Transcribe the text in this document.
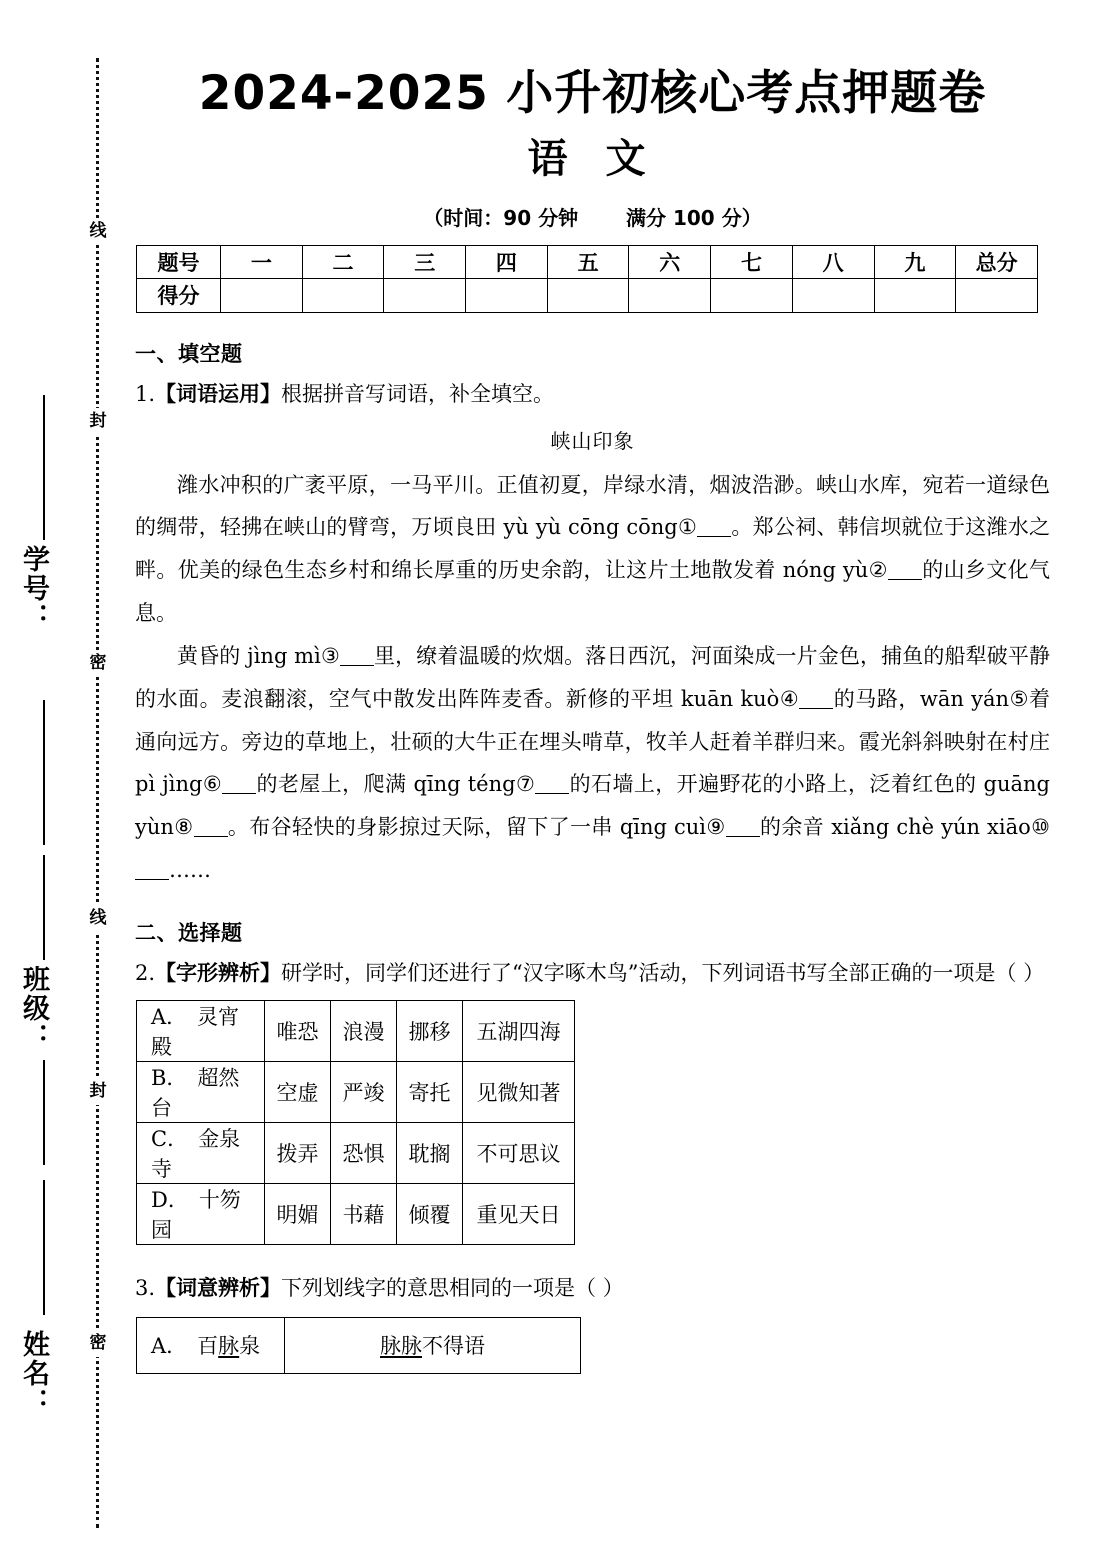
线
封
密
线
封
密
学号：
班级：
姓名：
2024-2025 小升初核心考点押题卷
语 文
（时间：90 分钟 满分 100 分）
题号	一	二	三	四	五	六	七	八	九	总分
得分										
一、填空题
1.【词语运用】根据拼音写词语，补全填空。
峡山印象

潍水冲积的广袤平原，一马平川。正值初夏，岸绿水清，烟波浩渺。峡山水库，宛若一道绿色的绸带，轻拂在峡山的臂弯，万顷良田 yù yù cōng cōng① 。郑公祠、韩信坝就位于这潍水之畔。优美的绿色生态乡村和绵长厚重的历史余韵，让这片土地散发着 nóng yù② 的山乡文化气息。

黄昏的 jìng mì③ 里，缭着温暖的炊烟。落日西沉，河面染成一片金色，捕鱼的船犁破平静的水面。麦浪翻滚，空气中散发出阵阵麦香。新修的平坦 kuān kuò④ 的马路，wān yán⑤着通向远方。旁边的草地上，壮硕的大牛正在埋头啃草，牧羊人赶着羊群归来。霞光斜斜映射在村庄 pì jìng⑥ 的老屋上，爬满 qīng téng⑦ 的石墙上，开遍野花的小路上，泛着红色的 guāng yùn⑧ 。布谷轻快的身影掠过天际，留下了一串 qīng cuì⑨ 的余音 xiǎng chè yún xiāo⑩……

二、选择题
2.【字形辨析】研学时，同学们还进行了“汉字啄木鸟”活动，下列词语书写全部正确的一项是（ ）
A． 灵宵殿	唯恐	浪漫	挪移	五湖四海
B． 超然台	空虚	严竣	寄托	见微知著
C． 金泉寺	拨弄	恐惧	耽搁	不可思议
D． 十笏园	明媚	书藉	倾覆	重见天日
3.【词意辨析】下列划线字的意思相同的一项是（ ）
A． 百脉泉	脉脉不得语
